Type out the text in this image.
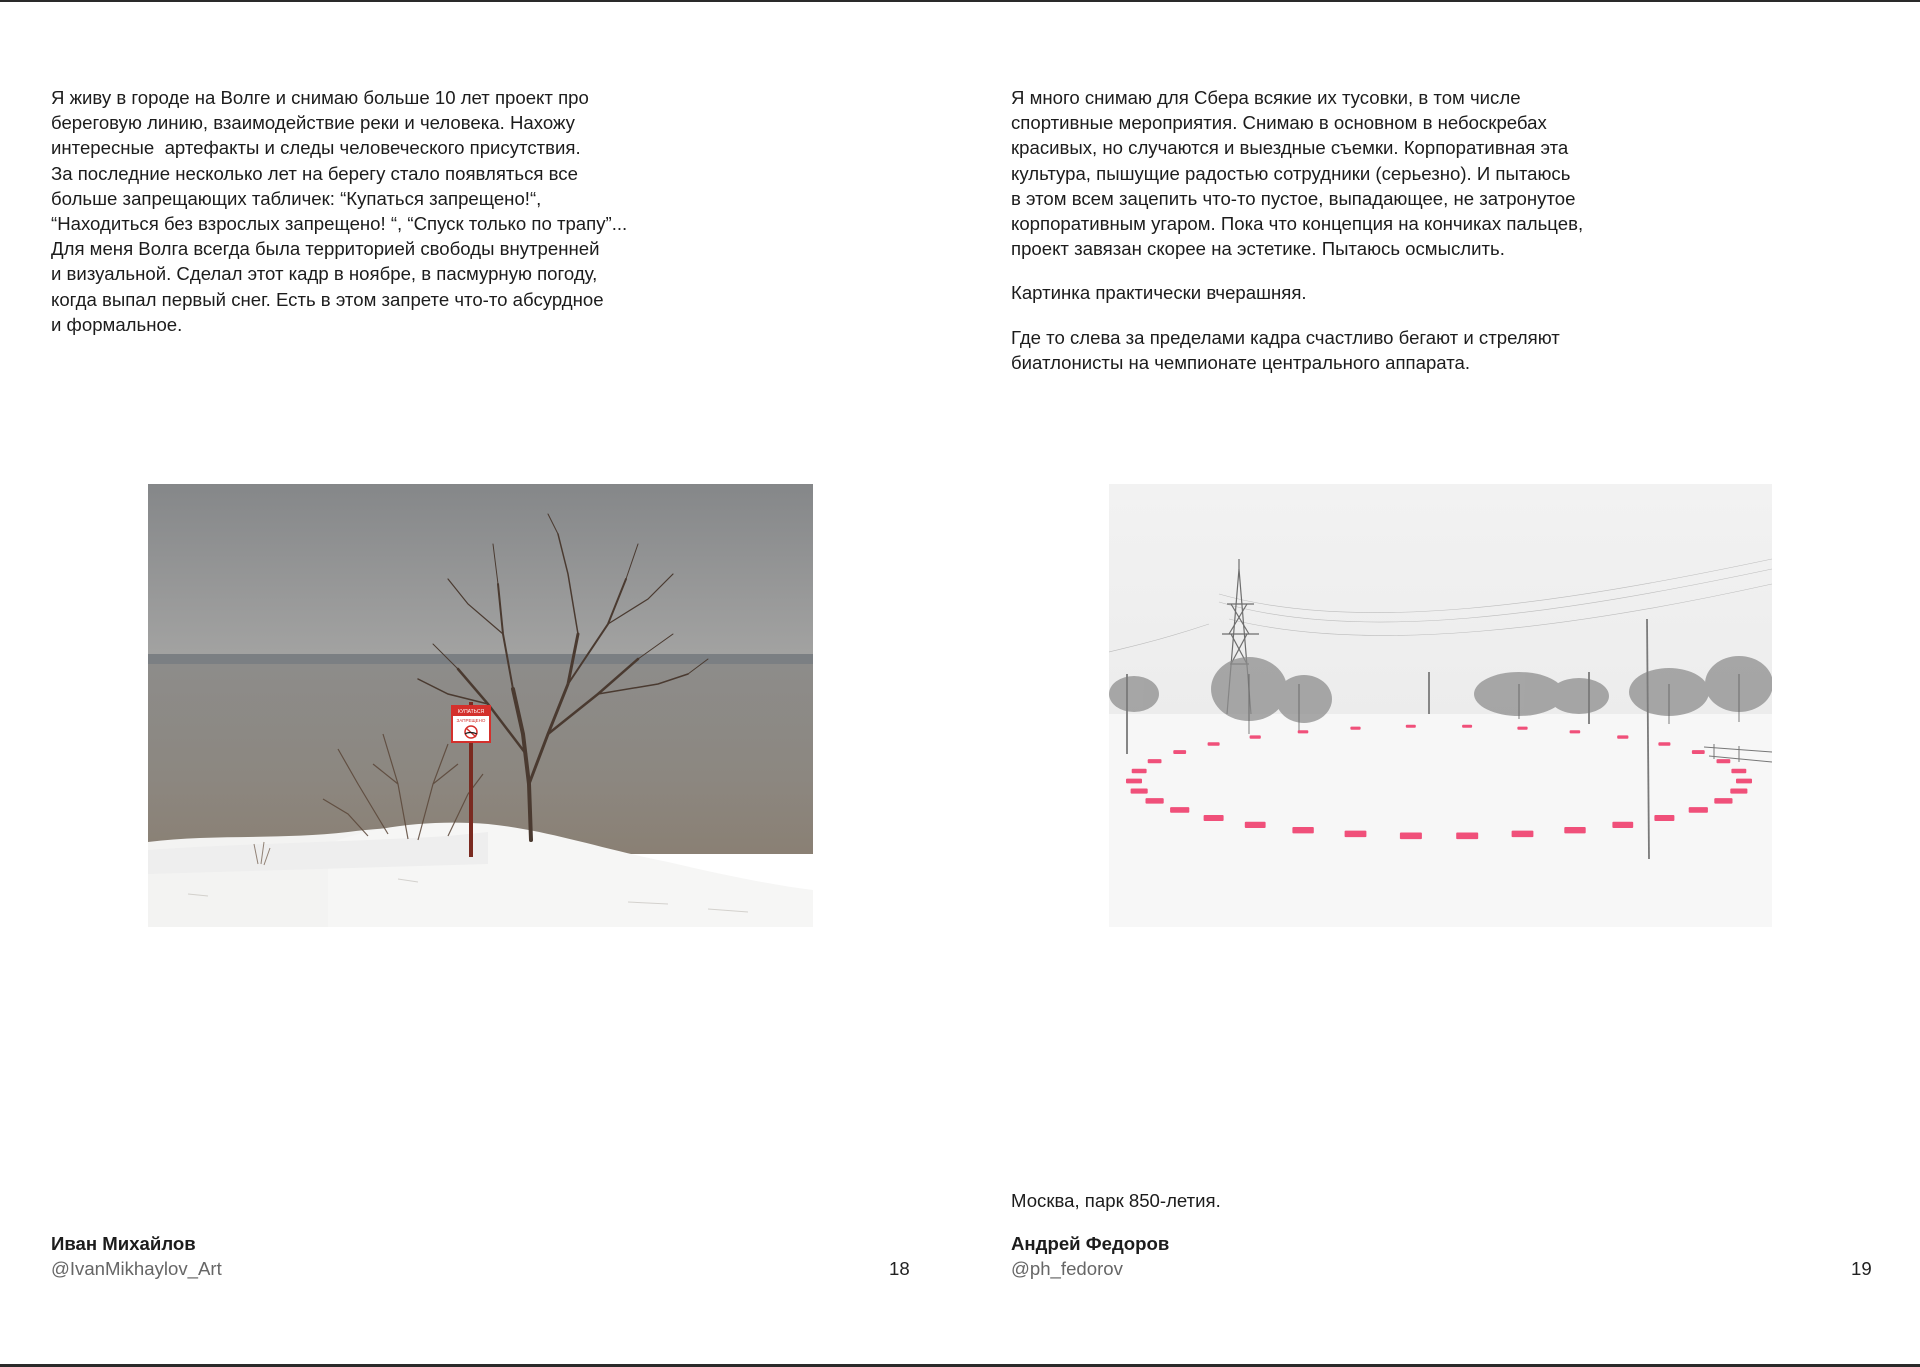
Я живу в городе на Волге и снимаю больше 10 лет проект про
береговую линию, взаимодействие реки и человека. Нахожу
интересные  артефакты и следы человеческого присутствия.
За последние несколько лет на берегу стало появляться все
больше запрещающих табличек: “Купаться запрещено!“,
“Находиться без взрослых запрещено! “, “Спуск только по трапу”...
Для меня Волга всегда была территорией свободы внутренней
и визуальной. Сделал этот кадр в ноябре, в пасмурную погоду,
когда выпал первый снег. Есть в этом запрете что-то абсурдное
и формальное.

КУПАТЬСЯ
ЗАПРЕЩЕНО
Иван Михайлов
@IvanMikhaylov_Art	18

Я много снимаю для Сбера всякие их тусовки, в том числе
спортивные мероприятия. Снимаю в основном в небоскребах
красивых, но случаются и выездные съемки. Корпоративная эта
культура, пышущие радостью сотрудники (серьезно). И пытаюсь
в этом всем зацепить что-то пустое, выпадающее, не затронутое
корпоративным угаром. Пока что концепция на кончиках пальцев,
проект завязан скорее на эстетике. Пытаюсь осмыслить.

Картинка практически вчерашняя.

Где то слева за пределами кадра счастливо бегают и стреляют
биатлонисты на чемпионате центрального аппарата.

Москва, парк 850-летия.
Андрей Федоров
@ph_fedorov	19
